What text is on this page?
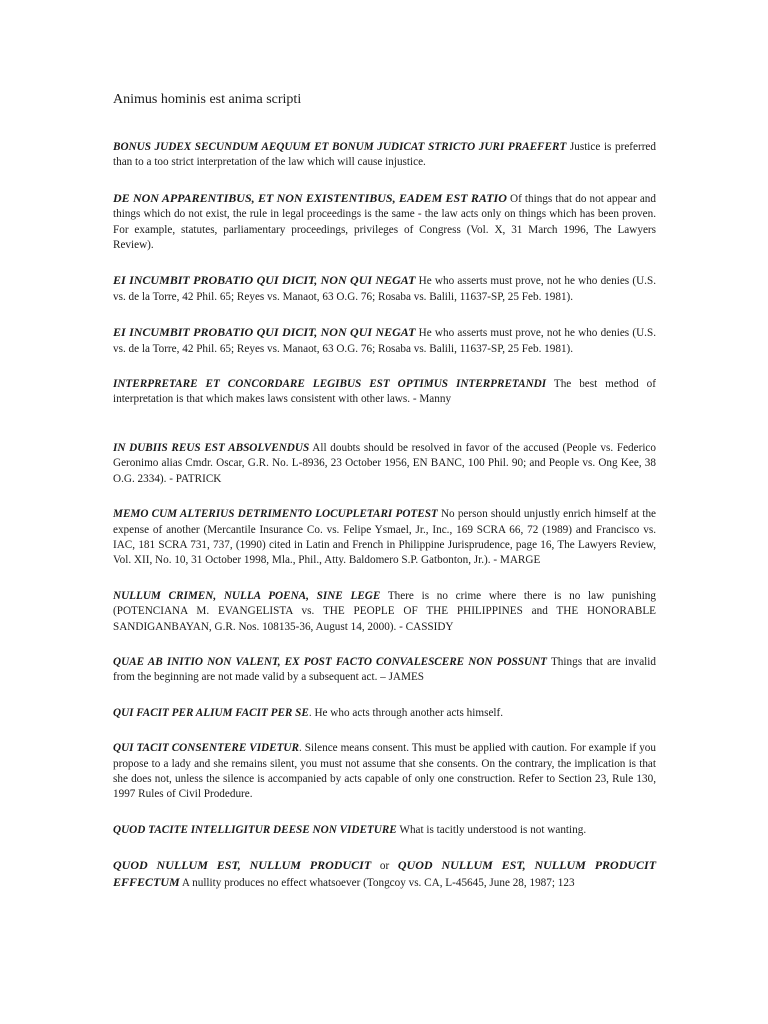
Animus hominis est anima scripti

BONUS JUDEX SECUNDUM AEQUUM ET BONUM JUDICAT STRICTO JURI PRAEFERT Justice is preferred than to a too strict interpretation of the law which will cause injustice.

DE NON APPARENTIBUS, ET NON EXISTENTIBUS, EADEM EST RATIO Of things that do not appear and things which do not exist, the rule in legal proceedings is the same - the law acts only on things which has been proven. For example, statutes, parliamentary proceedings, privileges of Congress (Vol. X, 31 March 1996, The Lawyers Review).

EI INCUMBIT PROBATIO QUI DICIT, NON QUI NEGAT He who asserts must prove, not he who denies (U.S. vs. de la Torre, 42 Phil. 65; Reyes vs. Manaot, 63 O.G. 76; Rosaba vs. Balili, 11637-SP, 25 Feb. 1981).

EI INCUMBIT PROBATIO QUI DICIT, NON QUI NEGAT He who asserts must prove, not he who denies (U.S. vs. de la Torre, 42 Phil. 65; Reyes vs. Manaot, 63 O.G. 76; Rosaba vs. Balili, 11637-SP, 25 Feb. 1981).

INTERPRETARE ET CONCORDARE LEGIBUS EST OPTIMUS INTERPRETANDI The best method of interpretation is that which makes laws consistent with other laws. - Manny

IN DUBIIS REUS EST ABSOLVENDUS All doubts should be resolved in favor of the accused (People vs. Federico Geronimo alias Cmdr. Oscar, G.R. No. L-8936, 23 October 1956, EN BANC, 100 Phil. 90; and People vs. Ong Kee, 38 O.G. 2334). - PATRICK

MEMO CUM ALTERIUS DETRIMENTO LOCUPLETARI POTEST No person should unjustly enrich himself at the expense of another (Mercantile Insurance Co. vs. Felipe Ysmael, Jr., Inc., 169 SCRA 66, 72 (1989) and Francisco vs. IAC, 181 SCRA 731, 737, (1990) cited in Latin and French in Philippine Jurisprudence, page 16, The Lawyers Review, Vol. XII, No. 10, 31 October 1998, Mla., Phil., Atty. Baldomero S.P. Gatbonton, Jr.). - MARGE

NULLUM CRIMEN, NULLA POENA, SINE LEGE There is no crime where there is no law punishing (POTENCIANA M. EVANGELISTA vs. THE PEOPLE OF THE PHILIPPINES and THE HONORABLE SANDIGANBAYAN, G.R. Nos. 108135-36, August 14, 2000). - CASSIDY

QUAE AB INITIO NON VALENT, EX POST FACTO CONVALESCERE NON POSSUNT Things that are invalid from the beginning are not made valid by a subsequent act. – JAMES

QUI FACIT PER ALIUM FACIT PER SE. He who acts through another acts himself.

QUI TACIT CONSENTERE VIDETUR. Silence means consent. This must be applied with caution. For example if you propose to a lady and she remains silent, you must not assume that she consents. On the contrary, the implication is that she does not, unless the silence is accompanied by acts capable of only one construction. Refer to Section 23, Rule 130, 1997 Rules of Civil Prodedure.

QUOD TACITE INTELLIGITUR DEESE NON VIDETURE What is tacitly understood is not wanting.

QUOD NULLUM EST, NULLUM PRODUCIT or QUOD NULLUM EST, NULLUM PRODUCIT EFFECTUM A nullity produces no effect whatsoever (Tongcoy vs. CA, L-45645, June 28, 1987; 123
